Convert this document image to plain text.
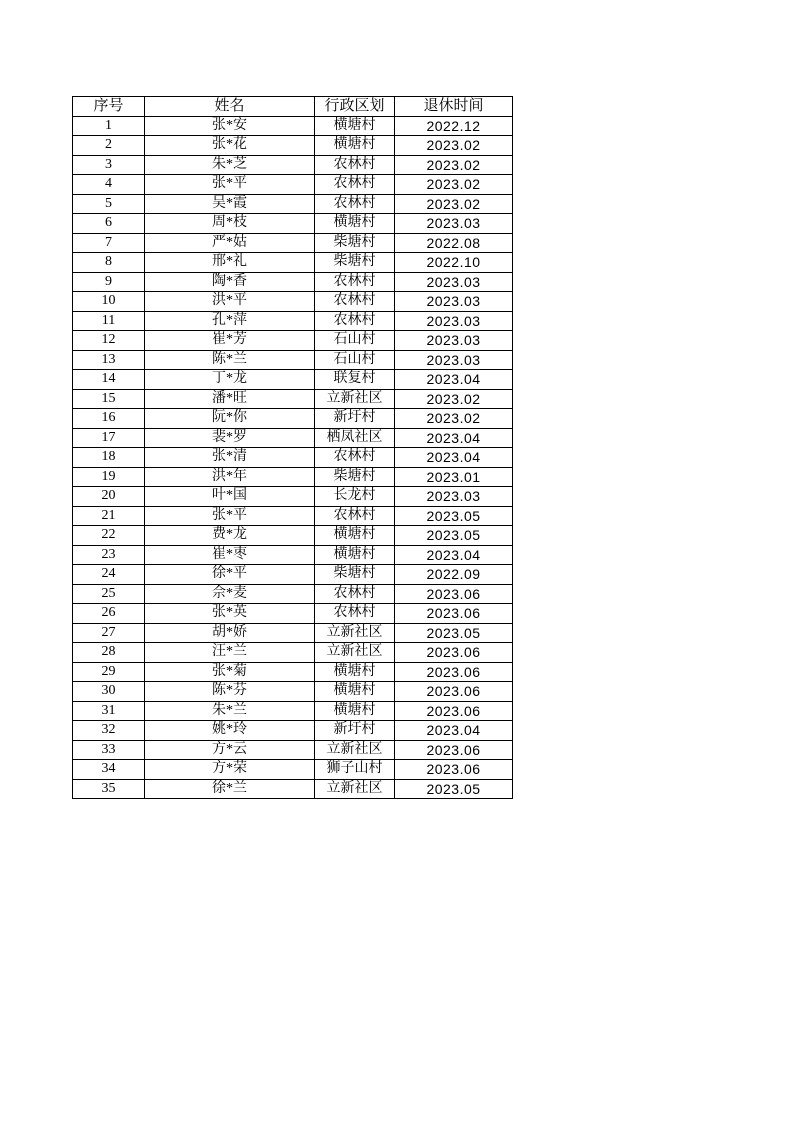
序号	姓名	行政区划	退休时间
1	张*安	横塘村	2022.12
2	张*花	横塘村	2023.02
3	朱*芝	农林村	2023.02
4	张*平	农林村	2023.02
5	吴*霞	农林村	2023.02
6	周*枝	横塘村	2023.03
7	严*姑	柴塘村	2022.08
8	邢*礼	柴塘村	2022.10
9	陶*香	农林村	2023.03
10	洪*平	农林村	2023.03
11	孔*萍	农林村	2023.03
12	崔*芳	石山村	2023.03
13	陈*兰	石山村	2023.03
14	丁*龙	联复村	2023.04
15	潘*旺	立新社区	2023.02
16	阮*你	新圩村	2023.02
17	裴*罗	栖凤社区	2023.04
18	张*清	农林村	2023.04
19	洪*年	柴塘村	2023.01
20	叶*国	长龙村	2023.03
21	张*平	农林村	2023.05
22	费*龙	横塘村	2023.05
23	崔*枣	横塘村	2023.04
24	徐*平	柴塘村	2022.09
25	佘*麦	农林村	2023.06
26	张*英	农林村	2023.06
27	胡*娇	立新社区	2023.05
28	汪*兰	立新社区	2023.06
29	张*菊	横塘村	2023.06
30	陈*芬	横塘村	2023.06
31	朱*兰	横塘村	2023.06
32	姚*玲	新圩村	2023.04
33	方*云	立新社区	2023.06
34	方*荣	狮子山村	2023.06
35	徐*兰	立新社区	2023.05
